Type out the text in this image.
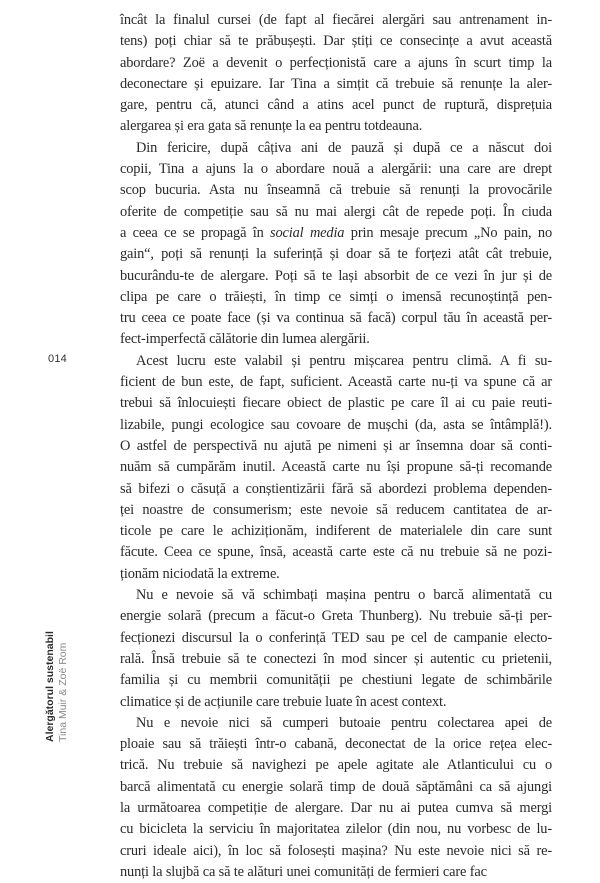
încât la finalul cursei (de fapt al fiecărei alergări sau antrenament in-
tens) poți chiar să te prăbușești. Dar știți ce consecințe a avut această
abordare? Zoë a devenit o perfecționistă care a ajuns în scurt timp la
deconectare și epuizare. Iar Tina a simțit că trebuie să renunțe la aler-
gare, pentru că, atunci când a atins acel punct de ruptură, disprețuia
alergarea și era gata să renunțe la ea pentru totdeauna.
Din fericire, după câțiva ani de pauză și după ce a născut doi
copii, Tina a ajuns la o abordare nouă a alergării: una care are drept
scop bucuria. Asta nu înseamnă că trebuie să renunți la provocările
oferite de competiție sau să nu mai alergi cât de repede poți. În ciuda
a ceea ce se propagă în social media prin mesaje precum „No pain, no
gain“, poți să renunți la suferință și doar să te forțezi atât cât trebuie,
bucurându-te de alergare. Poți să te lași absorbit de ce vezi în jur și de
clipa pe care o trăiești, în timp ce simți o imensă recunoștință pen-
tru ceea ce poate face (și va continua să facă) corpul tău în această per-
fect-imperfectă călătorie din lumea alergării.
Acest lucru este valabil și pentru mișcarea pentru climă. A fi su-
ficient de bun este, de fapt, suficient. Această carte nu-ți va spune că ar
trebui să înlocuiești fiecare obiect de plastic pe care îl ai cu paie reuti-
lizabile, pungi ecologice sau covoare de mușchi (da, asta se întâmplă!).
O astfel de perspectivă nu ajută pe nimeni și ar însemna doar să conti-
nuăm să cumpărăm inutil. Această carte nu își propune să-ți recomande
să bifezi o căsuță a conștientizării fără să abordezi problema dependen-
ței noastre de consumerism; este nevoie să reducem cantitatea de ar-
ticole pe care le achiziționăm, indiferent de materialele din care sunt
făcute. Ceea ce spune, însă, această carte este că nu trebuie să ne pozi-
ționăm niciodată la extreme.
Nu e nevoie să vă schimbați mașina pentru o barcă alimentată cu
energie solară (precum a făcut-o Greta Thunberg). Nu trebuie să-ți per-
fecționezi discursul la o conferință TED sau pe cel de campanie electo-
rală. Însă trebuie să te conectezi în mod sincer și autentic cu prietenii,
familia și cu membrii comunității pe chestiuni legate de schimbările
climatice și de acțiunile care trebuie luate în acest context.
Nu e nevoie nici să cumperi butoaie pentru colectarea apei de
ploaie sau să trăiești într-o cabană, deconectat de la orice rețea elec-
trică. Nu trebuie să navighezi pe apele agitate ale Atlanticului cu o
barcă alimentată cu energie solară timp de două săptămâni ca să ajungi
la următoarea competiție de alergare. Dar nu ai putea cumva să mergi
cu bicicleta la serviciu în majoritatea zilelor (din nou, nu vorbesc de lu-
cruri ideale aici), în loc să folosești mașina? Nu este nevoie nici să re-
nunți la slujbă ca să te alături unei comunități de fermieri care fac
014
Alergătorul sustenabil Tina Muir & Zoë Rom
